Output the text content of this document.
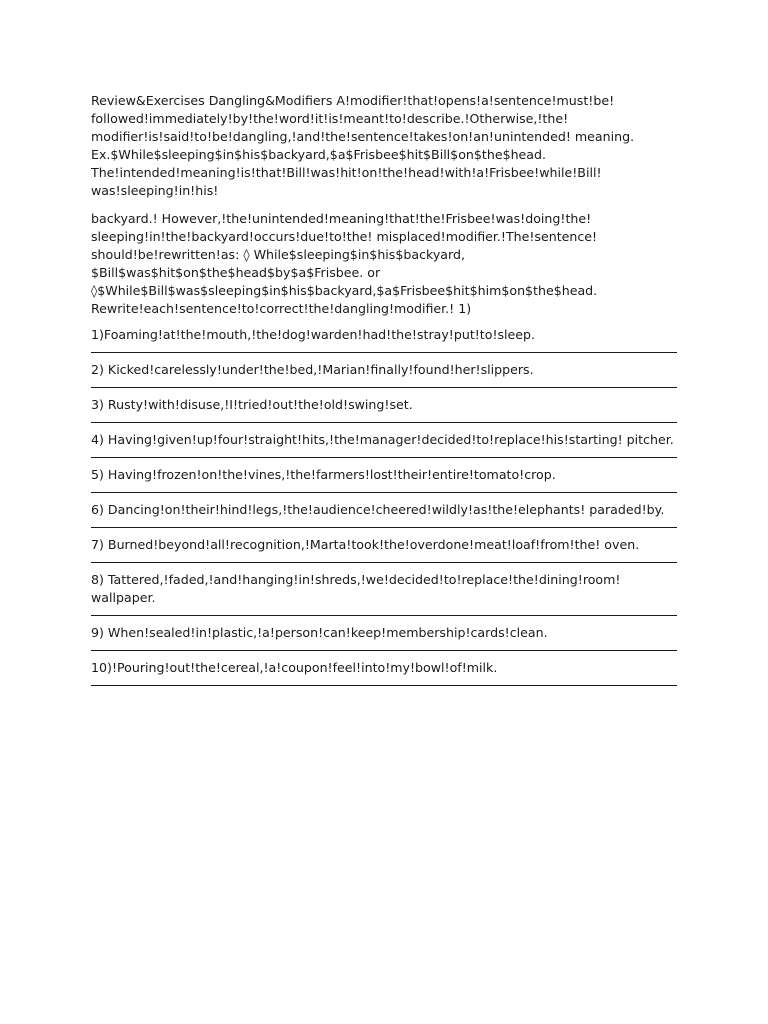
Review&Exercises Dangling&Modifiers A!modifier!that!opens!a!sentence!must!be! followed!immediately!by!the!word!it!is!meant!to!describe.!Otherwise,!the! modifier!is!said!to!be!dangling,!and!the!sentence!takes!on!an!unintended! meaning. Ex.$While$sleeping$in$his$backyard,$a$Frisbee$hit$Bill$on$the$head. The!intended!meaning!is!that!Bill!was!hit!on!the!head!with!a!Frisbee!while!Bill! was!sleeping!in!his!

backyard.! However,!the!unintended!meaning!that!the!Frisbee!was!doing!the! sleeping!in!the!backyard!occurs!due!to!the! misplaced!modifier.!The!sentence! should!be!rewritten!as: ◊ While$sleeping$in$his$backyard, $Bill$was$hit$on$the$head$by$a$Frisbee. or ◊$While$Bill$was$sleeping$in$his$backyard,$a$Frisbee$hit$him$on$the$head. Rewrite!each!sentence!to!correct!the!dangling!modifier.! 1)

1)Foaming!at!the!mouth,!the!dog!warden!had!the!stray!put!to!sleep.

2) Kicked!carelessly!under!the!bed,!Marian!finally!found!her!slippers.

3) Rusty!with!disuse,!I!tried!out!the!old!swing!set.

4) Having!given!up!four!straight!hits,!the!manager!decided!to!replace!his!starting! pitcher.

5) Having!frozen!on!the!vines,!the!farmers!lost!their!entire!tomato!crop.

6) Dancing!on!their!hind!legs,!the!audience!cheered!wildly!as!the!elephants! paraded!by.

7) Burned!beyond!all!recognition,!Marta!took!the!overdone!meat!loaf!from!the! oven.

8) Tattered,!faded,!and!hanging!in!shreds,!we!decided!to!replace!the!dining!room! wallpaper.

9) When!sealed!in!plastic,!a!person!can!keep!membership!cards!clean.

10)!Pouring!out!the!cereal,!a!coupon!feel!into!my!bowl!of!milk.
